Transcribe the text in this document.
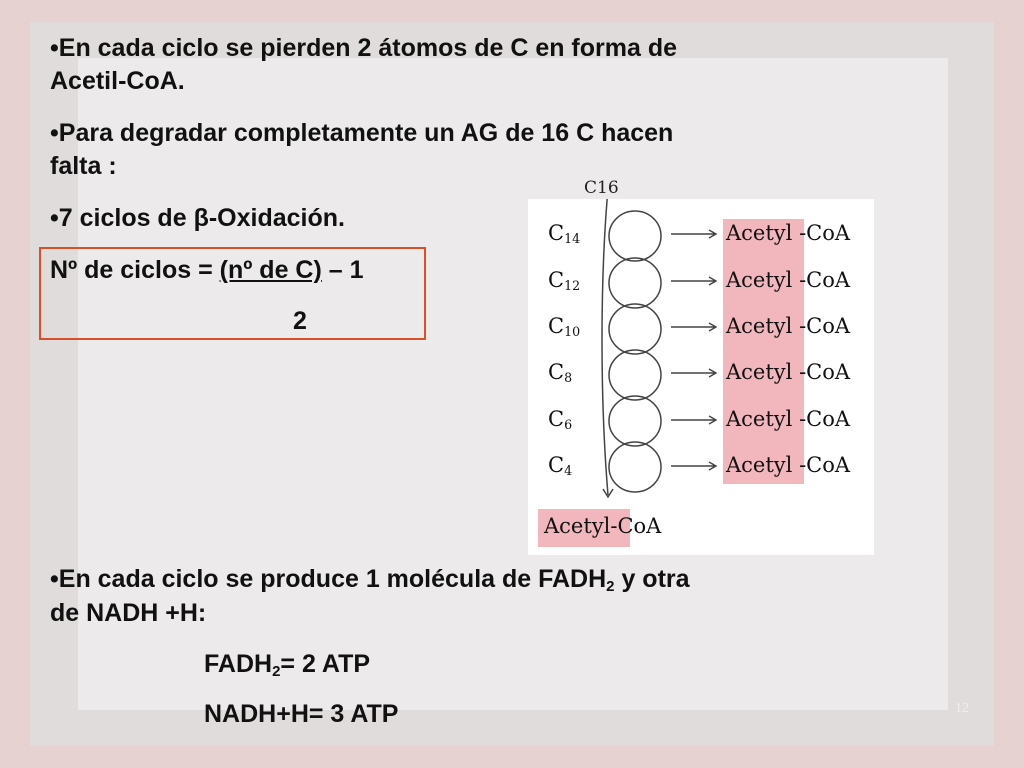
•En cada ciclo se pierden 2 átomos de C en forma de
Acetil-CoA.
•Para degradar completamente un AG de 16 C hacen
falta :
•7 ciclos de β-Oxidación.
Nº de ciclos = (nº de C) – 1
2
C16
$C_{14}$
$C_{12}$
$C_{10}$
$C_8$
$C_6$
$C_4$
Acetyl -CoA
Acetyl -CoA
Acetyl -CoA
Acetyl -CoA
Acetyl -CoA
Acetyl -CoA
Acetyl-CoA
•En cada ciclo se produce 1 molécula de $FADH_2$ y otra
de NADH +H:
$FADH_2= 2$ ATP
NADH+H= 3 ATP	12
